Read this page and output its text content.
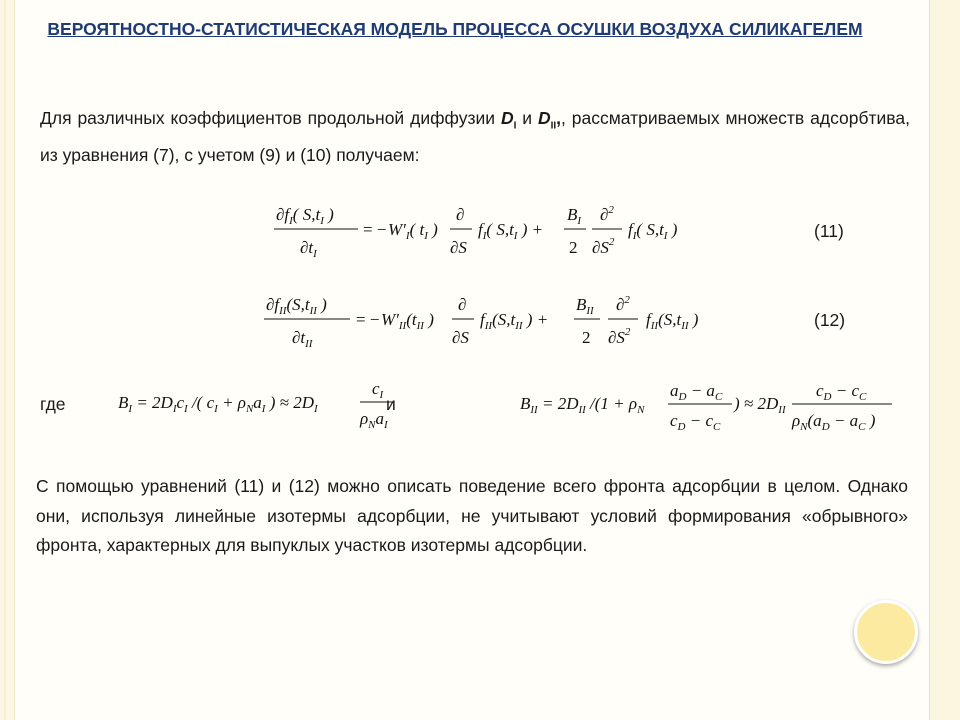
ВЕРОЯТНОСТНО-СТАТИСТИЧЕСКАЯ МОДЕЛЬ ПРОЦЕССА ОСУШКИ ВОЗДУХА СИЛИКАГЕЛЕМ
Для различных коэффициентов продольной диффузии $D_I$ и $D_{II}$,, рассматриваемых множеств адсорбтива, из уравнения (7), с учетом (9) и (10) получаем:
$\partial f_I$( $S,t_I$ )
$\partial t_I$
= − $W'_I$( $t_I$ )
∂
∂S
$f_I$( $S,t_I$ ) +
$B_I$
2
∂$^2$
$\partial S^2$
$f_I$( $S,t_I$ )	(11)
$\partial f_{II}(S,t_{II}$ )
$\partial t_{II}$
= − $W'_{II}(t_{II}$ )
∂
∂S
$f_{II}(S,t_{II}$ ) +
$B_{II}$
2
∂$^2$
$\partial S^2$
$f_{II}(S,t_{II}$ )	(12)
где	$B_I = 2D_Ic_I$ /( $c_I + \rho_Na_I$ ) ≈ $2D_I$
$c_I$
$\rho_Na_I$
и	$B_{II} = 2D_{II}$ $/(1 + \rho_N$
$a_D - a_C$
$c_D - c_C$
) ≈ $2D_{II}$
$c_D - c_C$
$\rho_N(a_D - a_C$ )
С помощью уравнений (11) и (12) можно описать поведение всего фронта адсорбции в целом. Однако они, используя линейные изотермы адсорбции, не учитывают условий формирования «обрывного» фронта, характерных для выпуклых участков изотермы адсорбции.
